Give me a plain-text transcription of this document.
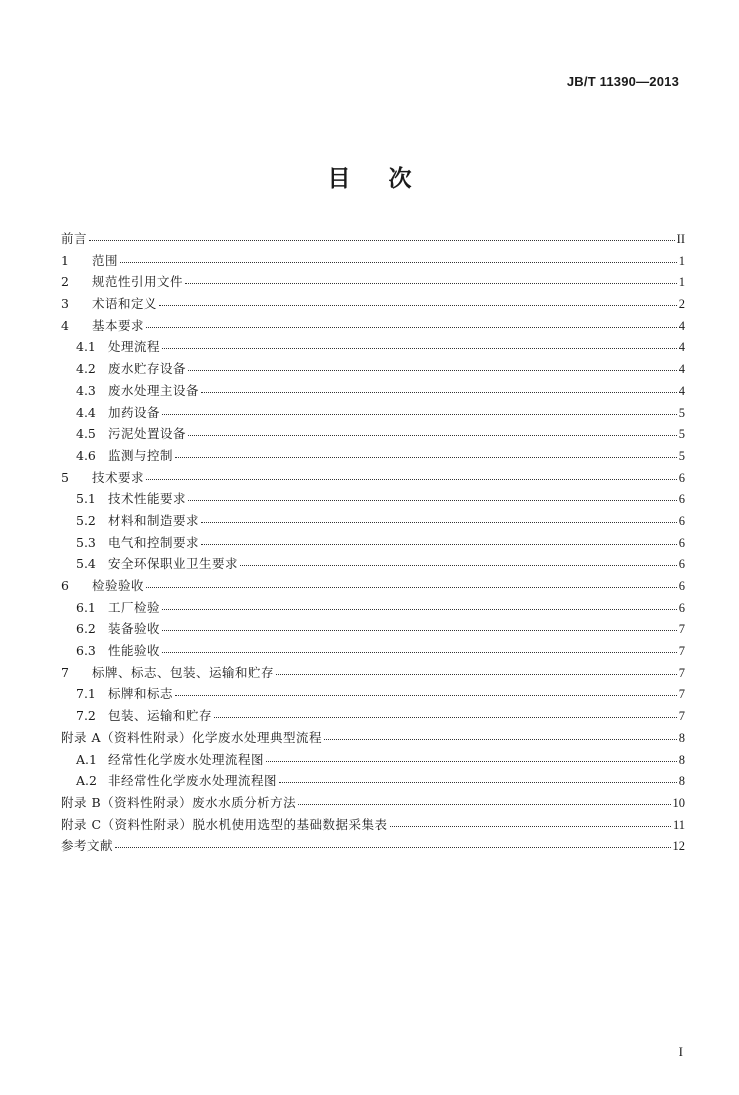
JB/T 11390—2013
目 次
前言	II
1	范围	1
2	规范性引用文件	1
3	术语和定义	2
4	基本要求	4
4.1 处理流程	4
4.2 废水贮存设备	4
4.3 废水处理主设备	4
4.4 加药设备	5
4.5 污泥处置设备	5
4.6 监测与控制	5
5	技术要求	6
5.1 技术性能要求	6
5.2 材料和制造要求	6
5.3 电气和控制要求	6
5.4 安全环保职业卫生要求	6
6	检验验收	6
6.1 工厂检验	6
6.2 装备验收	7
6.3 性能验收	7
7	标牌、标志、包装、运输和贮存	7
7.1 标牌和标志	7
7.2 包装、运输和贮存	7
附录 A（资料性附录）化学废水处理典型流程	8
A.1 经常性化学废水处理流程图	8
A.2 非经常性化学废水处理流程图	8
附录 B（资料性附录）废水水质分析方法	10
附录 C（资料性附录）脱水机使用选型的基础数据采集表	11
参考文献	12
I
